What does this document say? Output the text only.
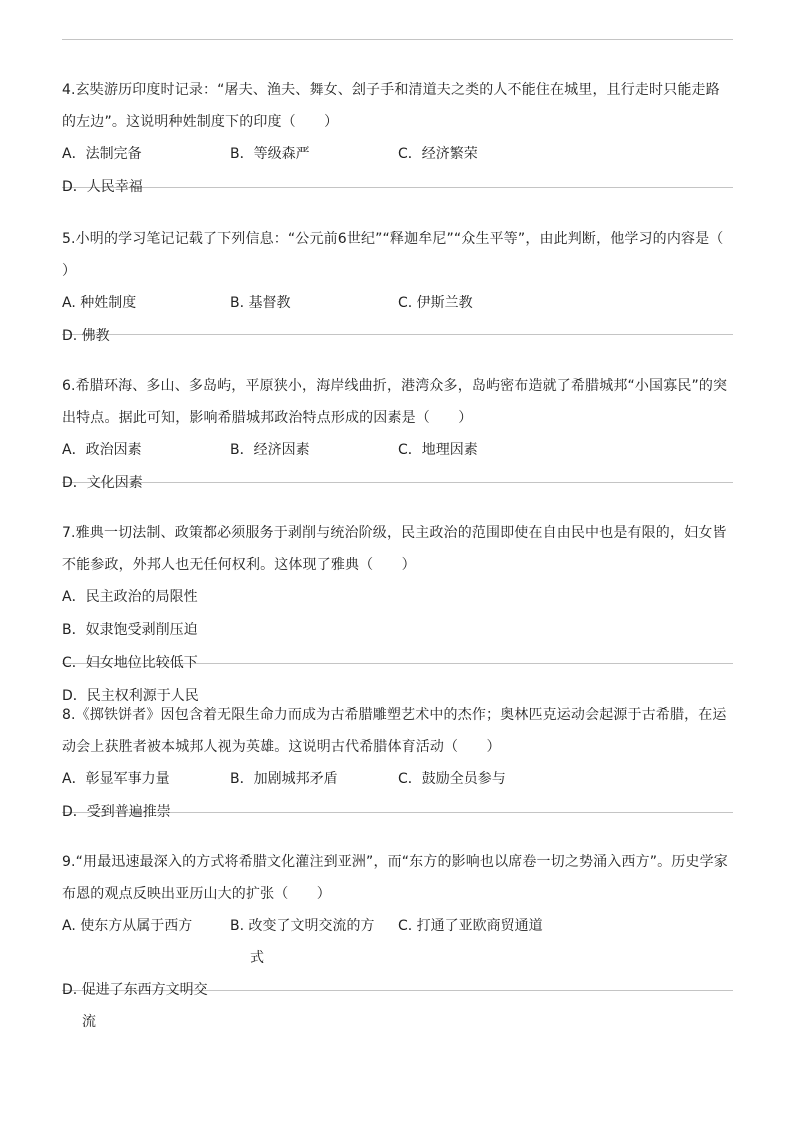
4.玄奘游历印度时记录：“屠夫、渔夫、舞女、刽子手和清道夫之类的人不能住在城里，且行走时只能走路的左边”。这说明种姓制度下的印度（　　）
A．法制完备	B．等级森严	C．经济繁荣
D．人民幸福
5.小明的学习笔记记载了下列信息：“公元前6世纪”“释迦牟尼”“众生平等”，由此判断，他学习的内容是（　　）
A. 种姓制度	B. 基督教	C. 伊斯兰教
D. 佛教
6.希腊环海、多山、多岛屿，平原狭小，海岸线曲折，港湾众多，岛屿密布造就了希腊城邦“小国寡民”的突出特点。据此可知，影响希腊城邦政治特点形成的因素是（　　）
A．政治因素	B．经济因素	C．地理因素
D．文化因素
7.雅典一切法制、政策都必须服务于剥削与统治阶级，民主政治的范围即使在自由民中也是有限的，妇女皆不能参政，外邦人也无任何权利。这体现了雅典（　　）
A．民主政治的局限性
B．奴隶饱受剥削压迫
C．妇女地位比较低下
D．民主权利源于人民
8.《掷铁饼者》因包含着无限生命力而成为古希腊雕塑艺术中的杰作；奥林匹克运动会起源于古希腊，在运动会上获胜者被本城邦人视为英雄。这说明古代希腊体育活动（　　）
A．彰显军事力量	B．加剧城邦矛盾	C．鼓励全员参与
D．受到普遍推崇
9.“用最迅速最深入的方式将希腊文化灌注到亚洲”，而“东方的影响也以席卷一切之势涌入西方”。历史学家布恩的观点反映出亚历山大的扩张（　　）
A. 使东方从属于西方	B. 改变了文明交流的方式
C. 打通了亚欧商贸通道
D. 促进了东西方文明交流
